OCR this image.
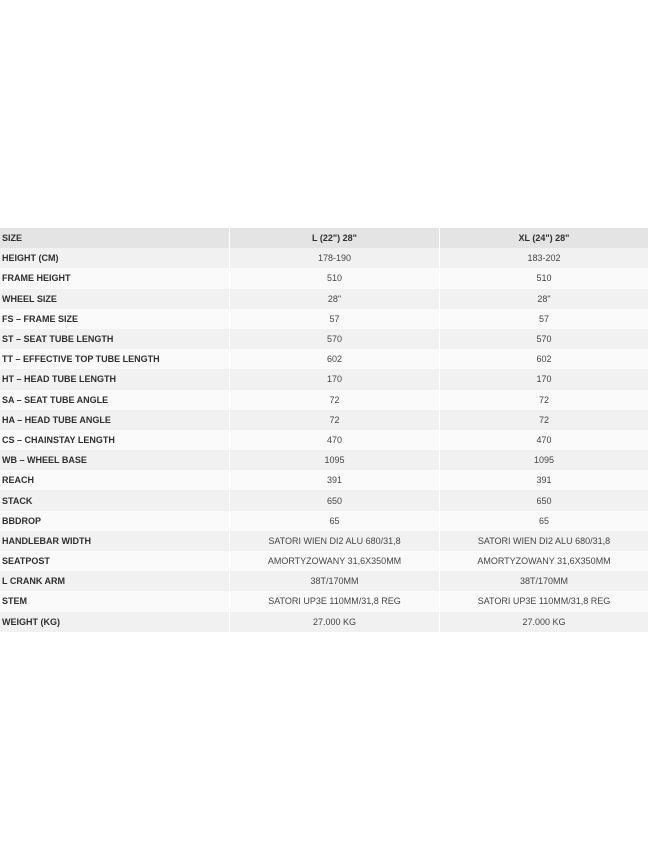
SIZE	L (22") 28"	XL (24") 28"
HEIGHT (CM)	178-190	183-202
FRAME HEIGHT	510	510
WHEEL SIZE	28"	28"
FS – FRAME SIZE	57	57
ST – SEAT TUBE LENGTH	570	570
TT – EFFECTIVE TOP TUBE LENGTH	602	602
HT – HEAD TUBE LENGTH	170	170
SA – SEAT TUBE ANGLE	72	72
HA – HEAD TUBE ANGLE	72	72
CS – CHAINSTAY LENGTH	470	470
WB – WHEEL BASE	1095	1095
REACH	391	391
STACK	650	650
BBDROP	65	65
HANDLEBAR WIDTH	SATORI WIEN DI2 ALU 680/31,8	SATORI WIEN DI2 ALU 680/31,8
SEATPOST	AMORTYZOWANY 31,6X350MM	AMORTYZOWANY 31,6X350MM
L CRANK ARM	38T/170MM	38T/170MM
STEM	SATORI UP3E 110MM/31,8 REG	SATORI UP3E 110MM/31,8 REG
WEIGHT (KG)	27.000 KG	27.000 KG
